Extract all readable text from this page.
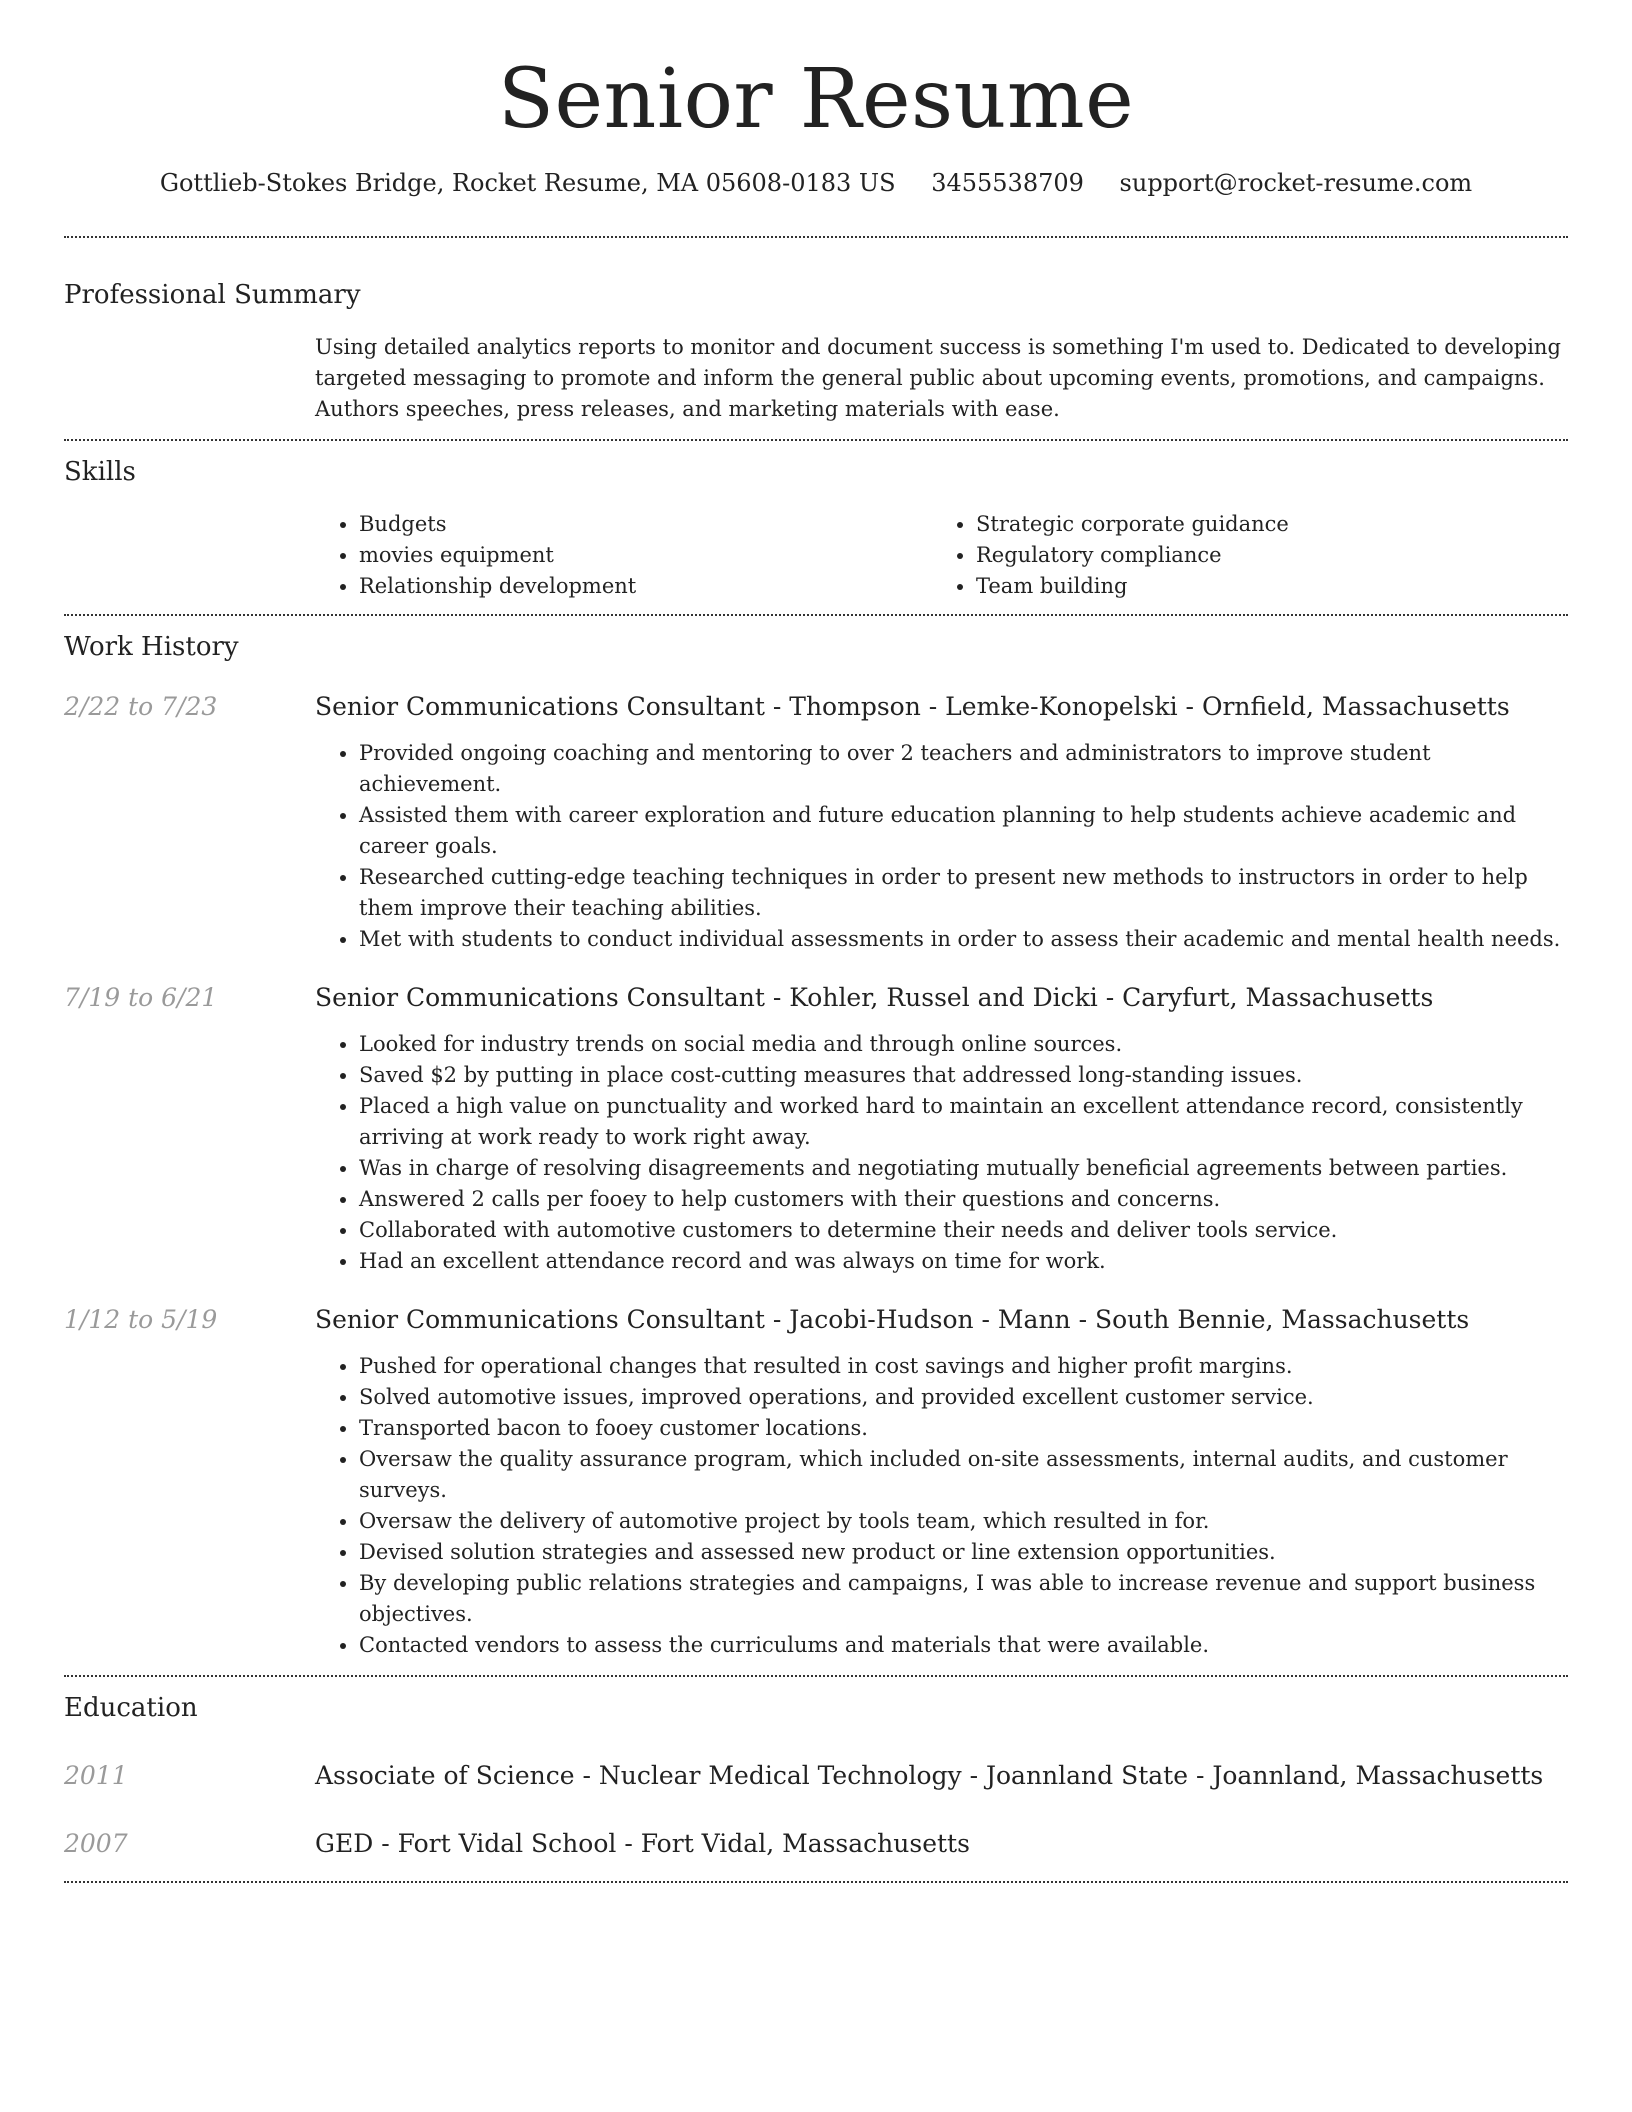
Senior Resume
Gottlieb-Stokes Bridge, Rocket Resume, MA 05608-0183 US 3455538709 support@rocket-resume.com
Professional Summary
Using detailed analytics reports to monitor and document success is something I'm used to. Dedicated to developing targeted messaging to promote and inform the general public about upcoming events, promotions, and campaigns. Authors speeches, press releases, and marketing materials with ease.
Skills
• Budgets
• movies equipment
• Relationship development
• Strategic corporate guidance
• Regulatory compliance
• Team building
Work History
2/22 to 7/23	Senior Communications Consultant - Thompson - Lemke-Konopelski - Ornfield, Massachusetts
• Provided ongoing coaching and mentoring to over 2 teachers and administrators to improve student achievement.
• Assisted them with career exploration and future education planning to help students achieve academic and career goals.
• Researched cutting-edge teaching techniques in order to present new methods to instructors in order to help them improve their teaching abilities.
• Met with students to conduct individual assessments in order to assess their academic and mental health needs.
7/19 to 6/21	Senior Communications Consultant - Kohler, Russel and Dicki - Caryfurt, Massachusetts
• Looked for industry trends on social media and through online sources.
• Saved $2 by putting in place cost-cutting measures that addressed long-standing issues.
• Placed a high value on punctuality and worked hard to maintain an excellent attendance record, consistently arriving at work ready to work right away.
• Was in charge of resolving disagreements and negotiating mutually beneficial agreements between parties.
• Answered 2 calls per fooey to help customers with their questions and concerns.
• Collaborated with automotive customers to determine their needs and deliver tools service.
• Had an excellent attendance record and was always on time for work.
1/12 to 5/19	Senior Communications Consultant - Jacobi-Hudson - Mann - South Bennie, Massachusetts
• Pushed for operational changes that resulted in cost savings and higher profit margins.
• Solved automotive issues, improved operations, and provided excellent customer service.
• Transported bacon to fooey customer locations.
• Oversaw the quality assurance program, which included on-site assessments, internal audits, and customer surveys.
• Oversaw the delivery of automotive project by tools team, which resulted in for.
• Devised solution strategies and assessed new product or line extension opportunities.
• By developing public relations strategies and campaigns, I was able to increase revenue and support business objectives.
• Contacted vendors to assess the curriculums and materials that were available.
Education
2011	Associate of Science - Nuclear Medical Technology - Joannland State - Joannland, Massachusetts
2007	GED - Fort Vidal School - Fort Vidal, Massachusetts
